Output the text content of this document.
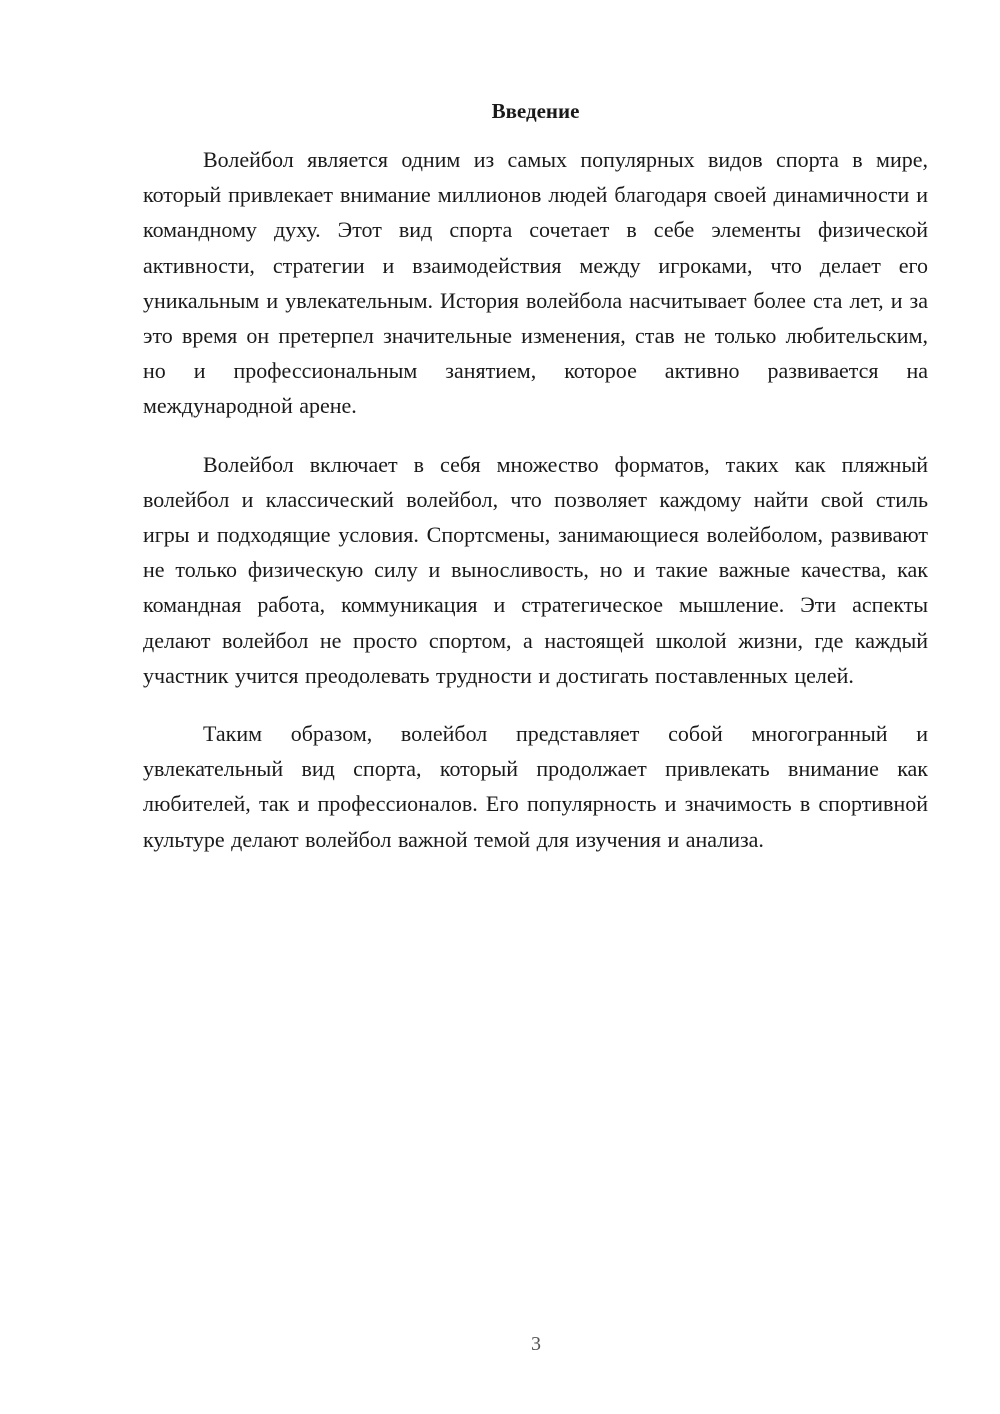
Введение

Волейбол является одним из самых популярных видов спорта в мире, который привлекает внимание миллионов людей благодаря своей динамичности и командному духу. Этот вид спорта сочетает в себе элементы физической активности, стратегии и взаимодействия между игроками, что делает его уникальным и увлекательным. История волейбола насчитывает более ста лет, и за это время он претерпел значительные изменения, став не только любительским, но и профессиональным занятием, которое активно развивается на международной арене.

Волейбол включает в себя множество форматов, таких как пляжный волейбол и классический волейбол, что позволяет каждому найти свой стиль игры и подходящие условия. Спортсмены, занимающиеся волейболом, развивают не только физическую силу и выносливость, но и такие важные качества, как командная работа, коммуникация и стратегическое мышление. Эти аспекты делают волейбол не просто спортом, а настоящей школой жизни, где каждый участник учится преодолевать трудности и достигать поставленных целей.

Таким образом, волейбол представляет собой многогранный и увлекательный вид спорта, который продолжает привлекать внимание как любителей, так и профессионалов. Его популярность и значимость в спортивной культуре делают волейбол важной темой для изучения и анализа.

3
